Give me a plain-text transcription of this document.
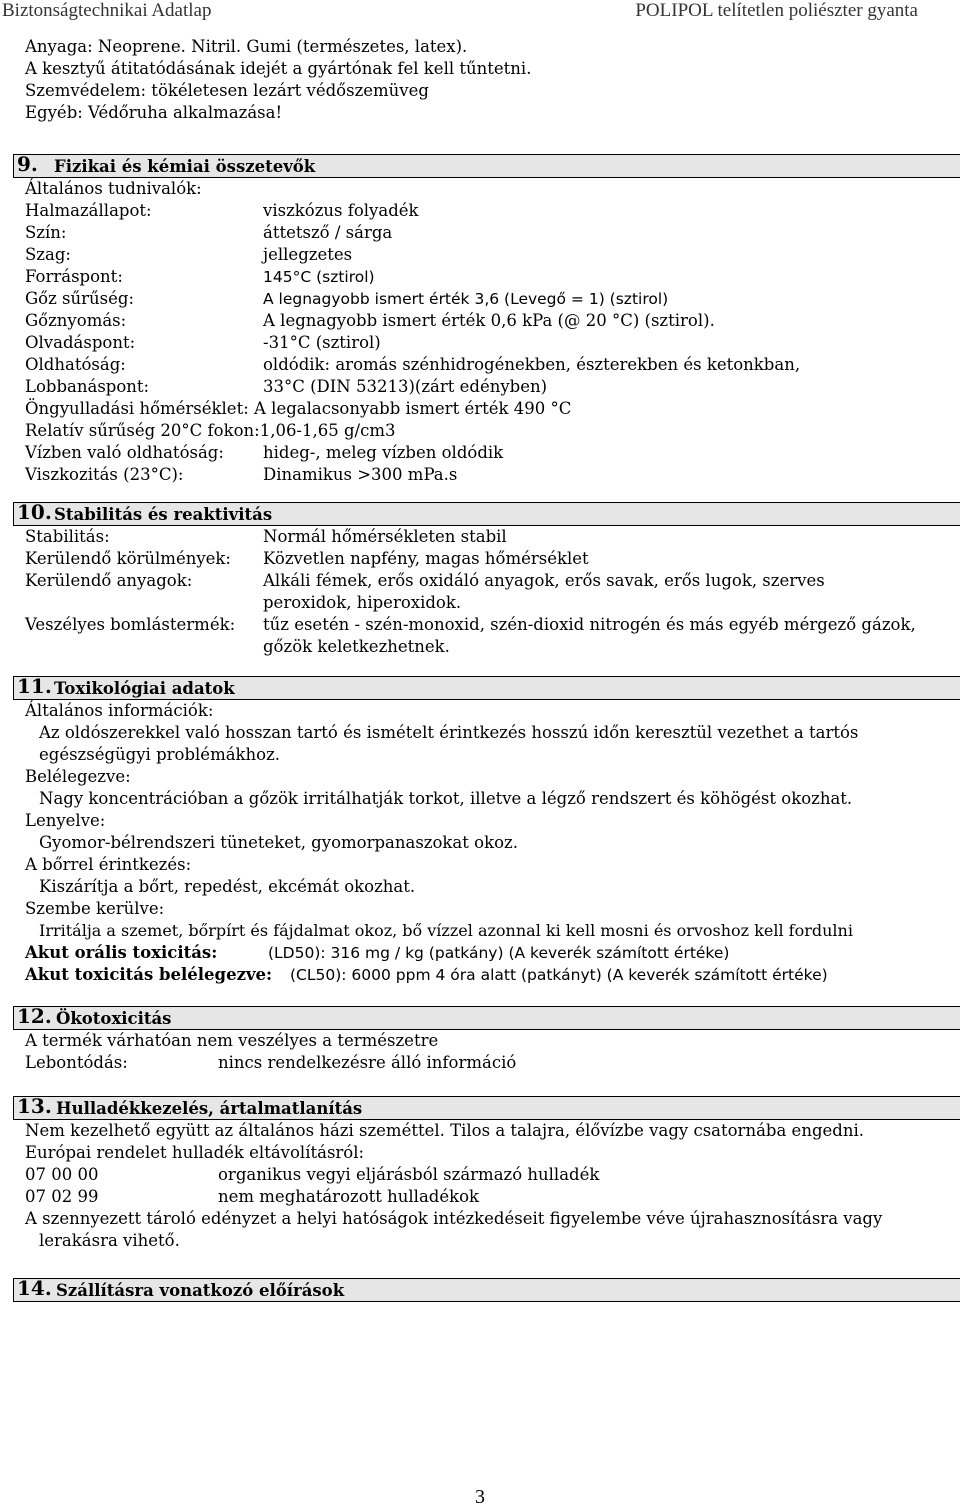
Biztonságtechnikai Adatlap	POLIPOL telítetlen poliészter gyanta
Anyaga: Neoprene. Nitril. Gumi (természetes, latex).
A kesztyű átitatódásának idejét a gyártónak fel kell tűntetni.
Szemvédelem: tökéletesen lezárt védőszemüveg
Egyéb: Védőruha alkalmazása!
9. Fizikai és kémiai összetevők
Általános tudnivalók:
Halmazállapot:	viszkózus folyadék
Szín:	áttetsző / sárga
Szag:	jellegzetes
Forráspont:	145°C (sztirol)
Gőz sűrűség:	A legnagyobb ismert érték 3,6 (Levegő = 1) (sztirol)
Gőznyomás:	A legnagyobb ismert érték 0,6 kPa (@ 20 °C) (sztirol).
Olvadáspont:	-31°C (sztirol)
Oldhatóság:	oldódik: aromás szénhidrogénekben, észterekben és ketonkban,
Lobbanáspont:	33°C (DIN 53213)(zárt edényben)
Öngyulladási hőmérséklet: A legalacsonyabb ismert érték 490 °C
Relatív sűrűség 20°C fokon:1,06-1,65 g/cm3
Vízben való oldhatóság: hideg-, meleg vízben oldódik
Viszkozitás (23°C):	Dinamikus >300 mPa.s
10. Stabilitás és reaktivitás
Stabilitás:	Normál hőmérsékleten stabil
Kerülendő körülmények: Közvetlen napfény, magas hőmérséklet
Kerülendő anyagok:	Alkáli fémek, erős oxidáló anyagok, erős savak, erős lugok, szerves peroxidok, hiperoxidok.
Veszélyes bomlástermék: tűz esetén - szén-monoxid, szén-dioxid nitrogén és más egyéb mérgező gázok, gőzök keletkezhetnek.
11. Toxikológiai adatok
Általános információk:
Az oldószerekkel való hosszan tartó és ismételt érintkezés hosszú időn keresztül vezethet a tartós egészségügyi problémákhoz.
Belélegezve:
Nagy koncentrációban a gőzök irritálhatják torkot, illetve a légző rendszert és köhögést okozhat.
Lenyelve:
Gyomor-bélrendszeri tüneteket, gyomorpanaszokat okoz.
A bőrrel érintkezés:
Kiszárítja a bőrt, repedést, ekcémát okozhat.
Szembe kerülve:
Irritálja a szemet, bőrpírt és fájdalmat okoz, bő vízzel azonnal ki kell mosni és orvoshoz kell fordulni
Akut orális toxicitás:	(LD50): 316 mg / kg (patkány) (A keverék számított értéke)
Akut toxicitás belélegezve: (CL50): 6000 ppm 4 óra alatt (patkányt) (A keverék számított értéke)
12. Ökotoxicitás
A termék várhatóan nem veszélyes a természetre
Lebontódás:	nincs rendelkezésre álló információ
13. Hulladékkezelés, ártalmatlanítás
Nem kezelhető együtt az általános házi szeméttel. Tilos a talajra, élővízbe vagy csatornába engedni.
Európai rendelet hulladék eltávolításról:
07 00 00	organikus vegyi eljárásból származó hulladék
07 02 99	nem meghatározott hulladékok
A szennyezett tároló edényzet a helyi hatóságok intézkedéseit figyelembe véve újrahasznosításra vagy
lerakásra vihető.
14. Szállításra vonatkozó előírások
3
